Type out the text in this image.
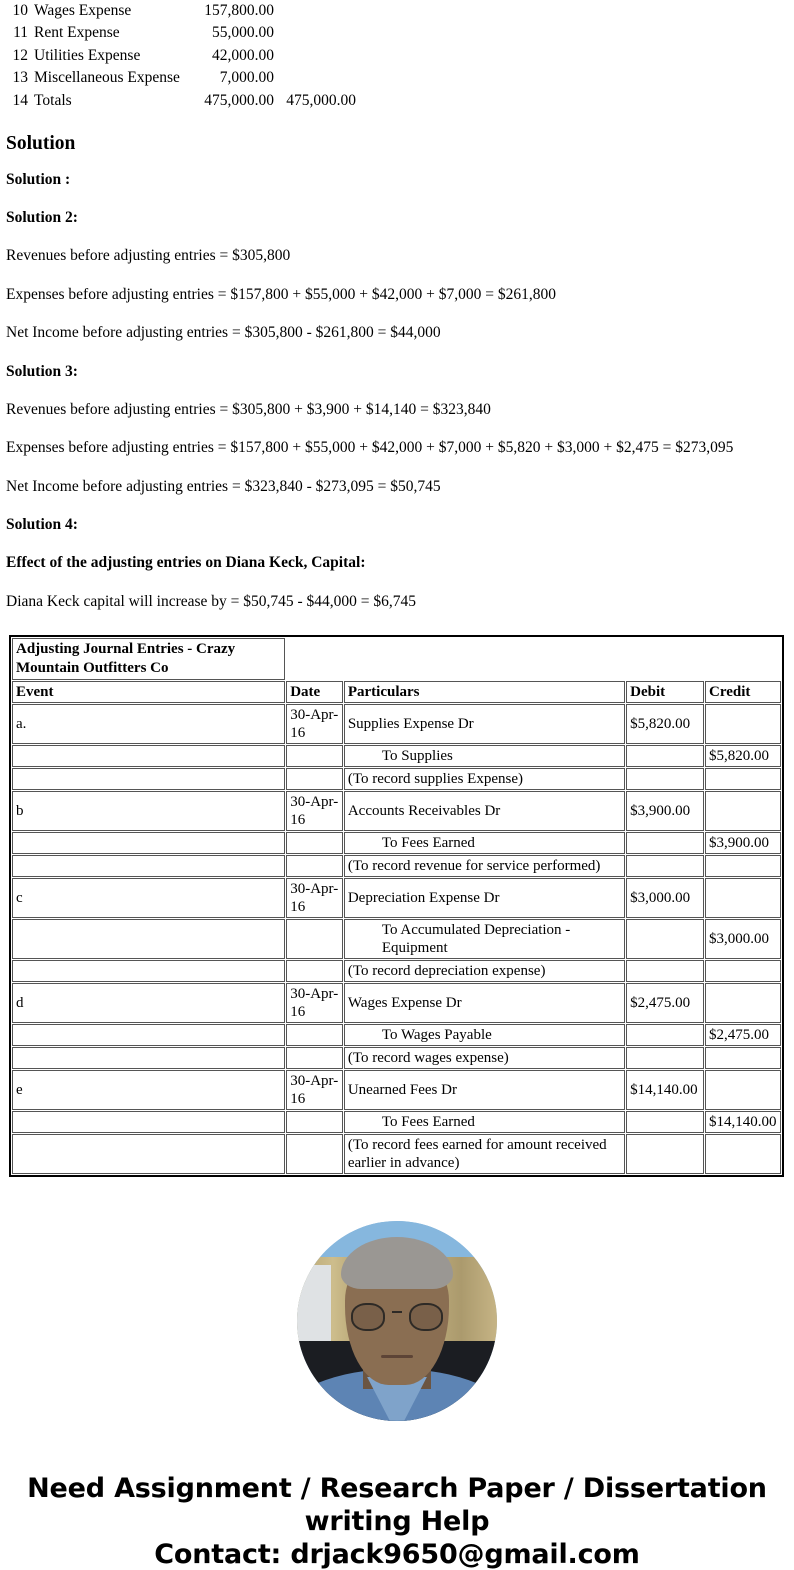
10	Wages Expense	157,800.00	
11	Rent Expense	55,000.00	
12	Utilities Expense	42,000.00	
13	Miscellaneous Expense	7,000.00	
14	Totals	475,000.00	475,000.00
Solution

Solution :

Solution 2:

Revenues before adjusting entries = $305,800

Expenses before adjusting entries = $157,800 + $55,000 + $42,000 + $7,000 = $261,800

Net Income before adjusting entries = $305,800 - $261,800 = $44,000

Solution 3:

Revenues before adjusting entries = $305,800 + $3,900 + $14,140 = $323,840

Expenses before adjusting entries = $157,800 + $55,000 + $42,000 + $7,000 + $5,820 + $3,000 + $2,475 = $273,095

Net Income before adjusting entries = $323,840 - $273,095 = $50,745

Solution 4:

Effect of the adjusting entries on Diana Keck, Capital:

Diana Keck capital will increase by = $50,745 - $44,000 = $6,745

Adjusting Journal Entries - Crazy Mountain Outfitters Co				
Event	Date	Particulars	Debit	Credit
a.	30-Apr-16	Supplies Expense Dr	$5,820.00	
		To Supplies		$5,820.00
		(To record supplies Expense)		
b	30-Apr-16	Accounts Receivables Dr	$3,900.00	
		To Fees Earned		$3,900.00
		(To record revenue for service performed)		
c	30-Apr-16	Depreciation Expense Dr	$3,000.00	
		To Accumulated Depreciation - Equipment		$3,000.00
		(To record depreciation expense)		
d	30-Apr-16	Wages Expense Dr	$2,475.00	
		To Wages Payable		$2,475.00
		(To record wages expense)		
e	30-Apr-16	Unearned Fees Dr	$14,140.00	
		To Fees Earned		$14,140.00
		(To record fees earned for amount received earlier in advance)		
Need Assignment / Research Paper / Dissertation
writing Help
Contact: drjack9650@gmail.com
